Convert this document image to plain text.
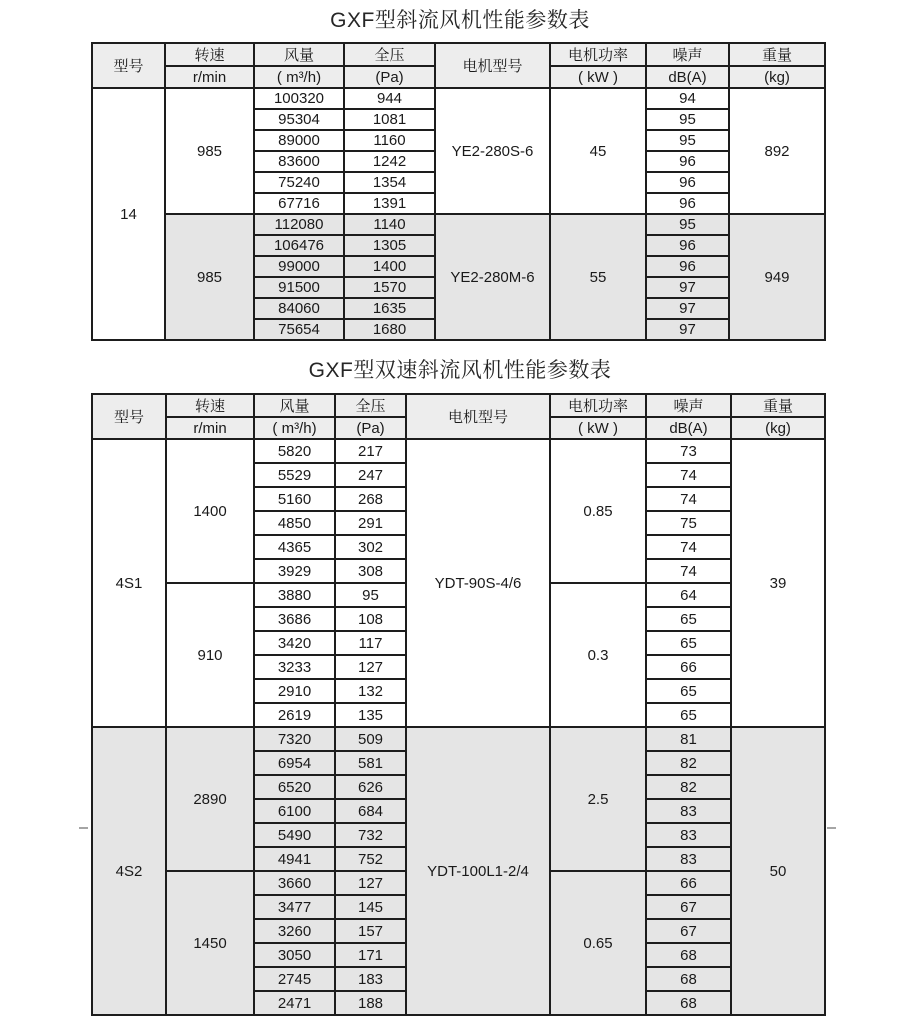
GXF型斜流风机性能参数表
型号	转速	风量	全压	电机型号	电机功率	噪声	重量
	r/min	( m³/h)	(Pa)		( kW )	dB(A)	(kg)
14	985	100320	944	YE2-280S-6	45	94	892
		95304	1081			95	
		89000	1160			95	
		83600	1242			96	
		75240	1354			96	
		67716	1391			96	
	985	112080	1140	YE2-280M-6	55	95	949
		106476	1305			96	
		99000	1400			96	
		91500	1570			97	
		84060	1635			97	
		75654	1680			97	
GXF型双速斜流风机性能参数表
型号	转速	风量	全压	电机型号	电机功率	噪声	重量
	r/min	( m³/h)	(Pa)		( kW )	dB(A)	(kg)
4S1	1400	5820	217	YDT-90S-4/6	0.85	73	39
		5529	247			74	
		5160	268			74	
		4850	291			75	
		4365	302			74	
		3929	308			74	
	910	3880	95		0.3	64	
		3686	108			65	
		3420	117			65	
		3233	127			66	
		2910	132			65	
		2619	135			65	
4S2	2890	7320	509	YDT-100L1-2/4	2.5	81	50
		6954	581			82	
		6520	626			82	
		6100	684			83	
		5490	732			83	
		4941	752			83	
	1450	3660	127		0.65	66	
		3477	145			67	
		3260	157			67	
		3050	171			68	
		2745	183			68	
		2471	188			68	
